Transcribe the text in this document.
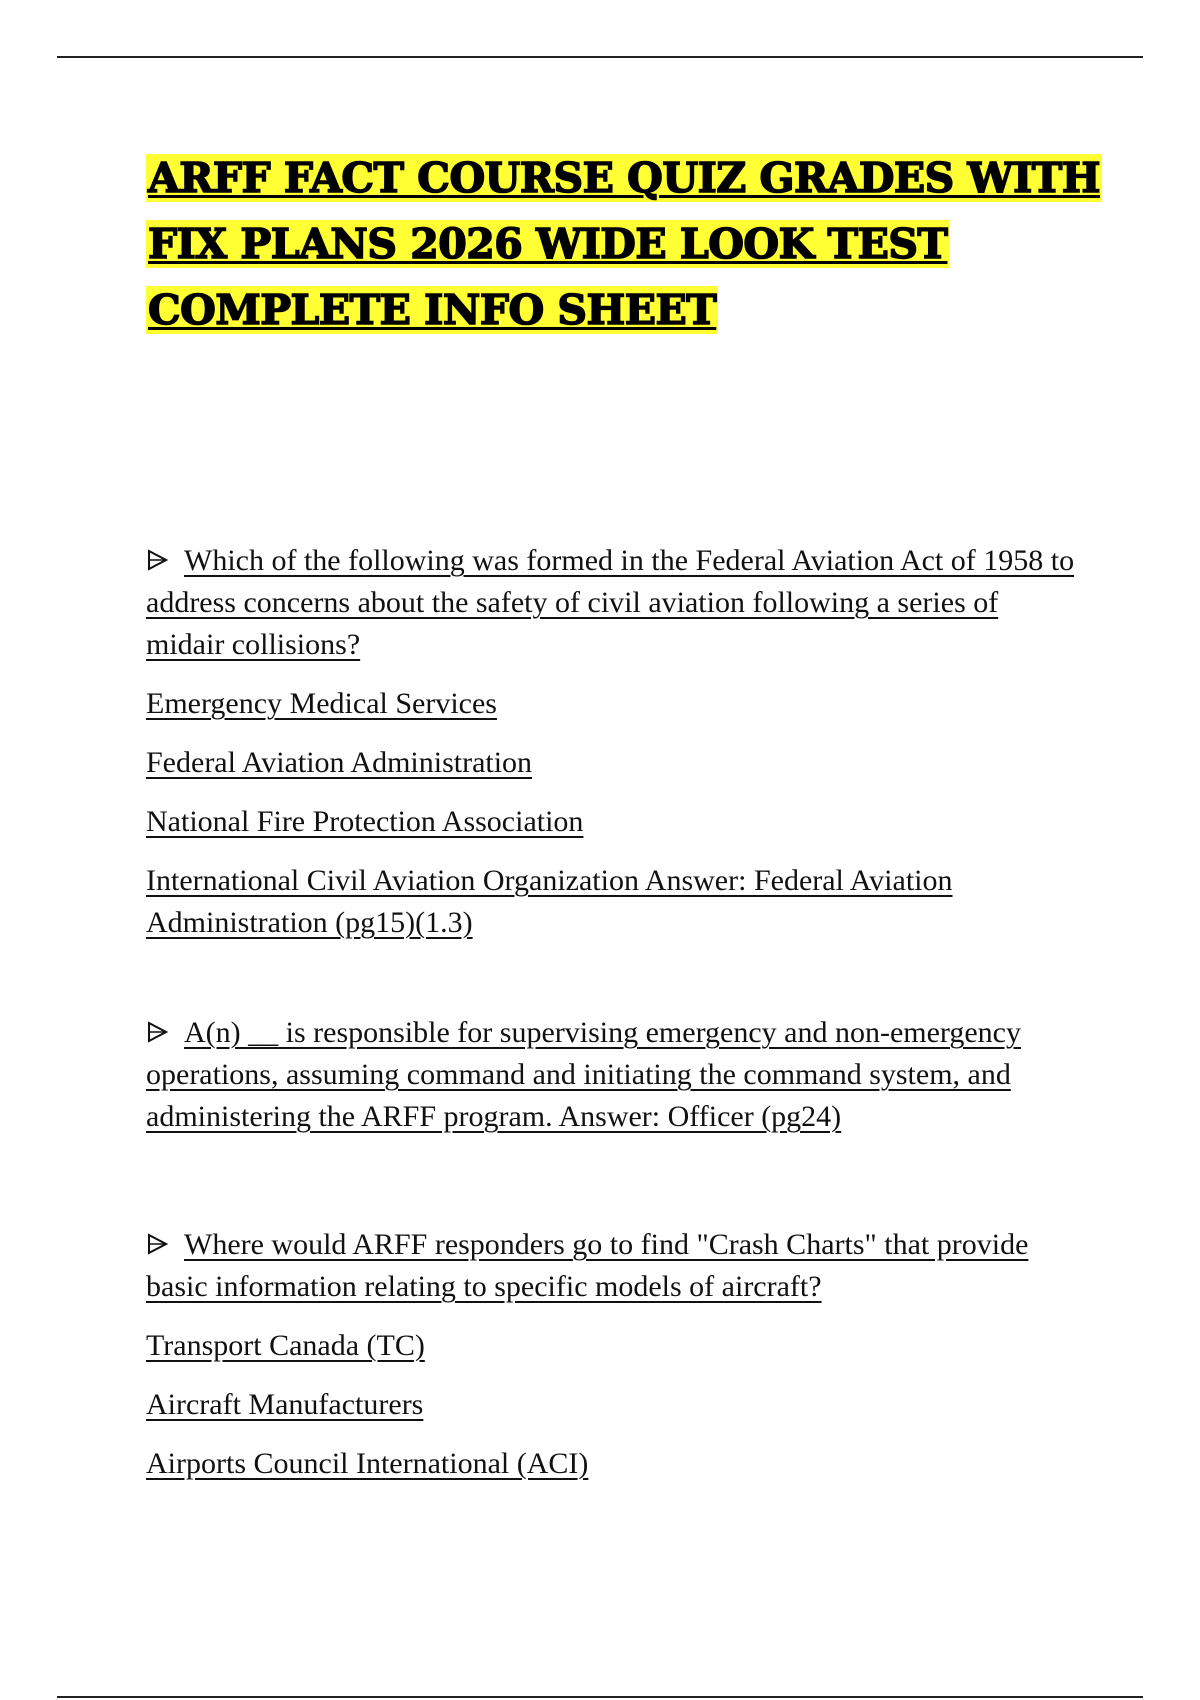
ARFF FACT COURSE QUIZ GRADES WITH FIX PLANS 2026 WIDE LOOK TEST COMPLETE INFO SHEET

Which of the following was formed in the Federal Aviation Act of 1958 to address concerns about the safety of civil aviation following a series of midair collisions?

Emergency Medical Services

Federal Aviation Administration

National Fire Protection Association

International Civil Aviation Organization Answer: Federal Aviation Administration (pg15)(1.3)

A(n) __ is responsible for supervising emergency and non-emergency operations, assuming command and initiating the command system, and administering the ARFF program. Answer: Officer (pg24)

Where would ARFF responders go to find "Crash Charts" that provide basic information relating to specific models of aircraft?

Transport Canada (TC)

Aircraft Manufacturers

Airports Council International (ACI)
